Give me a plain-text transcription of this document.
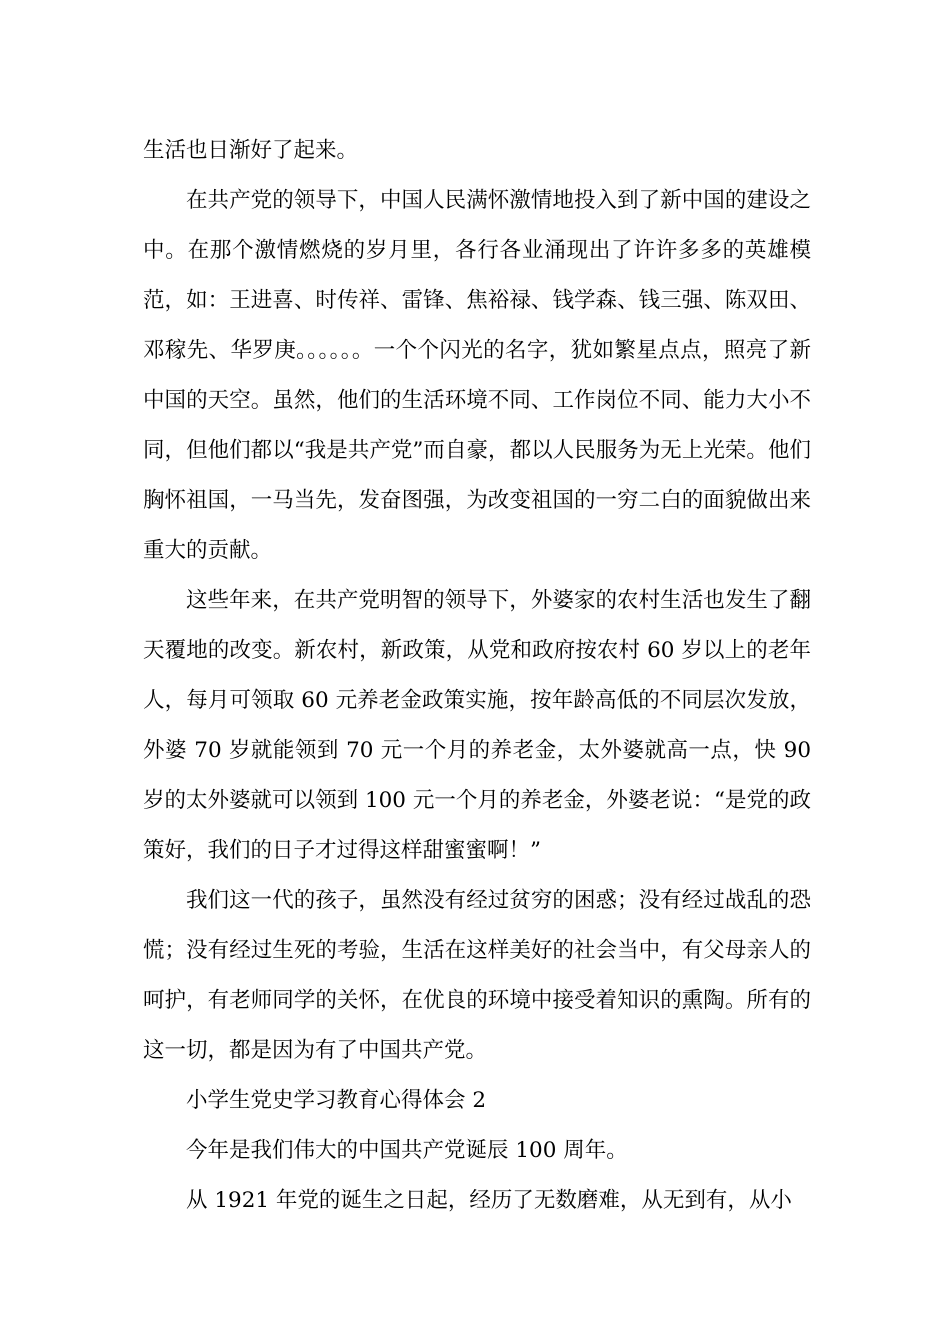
生活也日渐好了起来。

在共产党的领导下，中国人民满怀激情地投入到了新中国的建设之中。在那个激情燃烧的岁月里，各行各业涌现出了许许多多的英雄模范，如：王进喜、时传祥、雷锋、焦裕禄、钱学森、钱三强、陈双田、邓稼先、华罗庚。。。。。。一个个闪光的名字，犹如繁星点点，照亮了新中国的天空。虽然，他们的生活环境不同、工作岗位不同、能力大小不同，但他们都以“我是共产党”而自豪，都以人民服务为无上光荣。他们胸怀祖国，一马当先，发奋图强，为改变祖国的一穷二白的面貌做出来重大的贡献。

这些年来，在共产党明智的领导下，外婆家的农村生活也发生了翻天覆地的改变。新农村，新政策，从党和政府按农村 60 岁以上的老年人，每月可领取 60 元养老金政策实施，按年龄高低的不同层次发放，外婆 70 岁就能领到 70 元一个月的养老金，太外婆就高一点，快 90 岁的太外婆就可以领到 100 元一个月的养老金，外婆老说：“是党的政策好，我们的日子才过得这样甜蜜蜜啊！”

我们这一代的孩子，虽然没有经过贫穷的困惑；没有经过战乱的恐慌；没有经过生死的考验，生活在这样美好的社会当中，有父母亲人的呵护，有老师同学的关怀，在优良的环境中接受着知识的熏陶。所有的这一切，都是因为有了中国共产党。

小学生党史学习教育心得体会 2

今年是我们伟大的中国共产党诞辰 100 周年。

从 1921 年党的诞生之日起，经历了无数磨难，从无到有，从小
